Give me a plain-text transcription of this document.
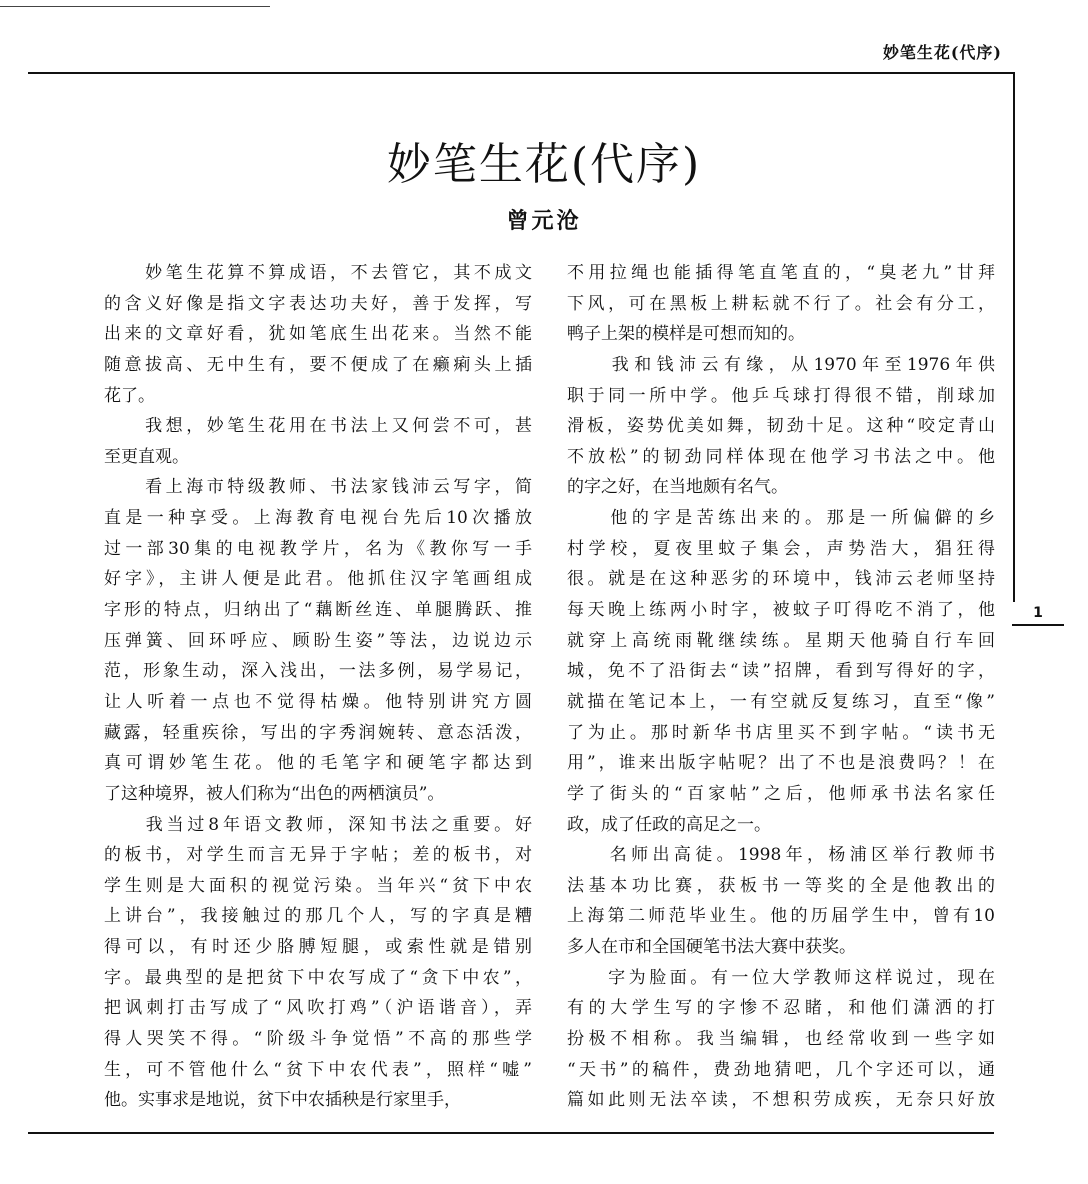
妙笔生花(代序)
1
妙笔生花(代序)
曾元沧

　　妙笔生花算不算成语，不去管它，其不成文

的含义好像是指文字表达功夫好，善于发挥，写

出来的文章好看，犹如笔底生出花来。当然不能

随意拔高、无中生有，要不便成了在癞痢头上插

花了。

　　我想，妙笔生花用在书法上又何尝不可，甚

至更直观。

　　看上海市特级教师、书法家钱沛云写字，简

直是一种享受。上海教育电视台先后10次播放

过一部30集的电视教学片，名为《教你写一手

好字》，主讲人便是此君。他抓住汉字笔画组成

字形的特点，归纳出了“藕断丝连、单腿腾跃、推

压弹簧、回环呼应、顾盼生姿”等法，边说边示

范，形象生动，深入浅出，一法多例，易学易记，

让人听着一点也不觉得枯燥。他特别讲究方圆

藏露，轻重疾徐，写出的字秀润婉转、意态活泼，

真可谓妙笔生花。他的毛笔字和硬笔字都达到

了这种境界，被人们称为“出色的两栖演员”。

　　我当过8年语文教师，深知书法之重要。好

的板书，对学生而言无异于字帖；差的板书，对

学生则是大面积的视觉污染。当年兴“贫下中农

上讲台”，我接触过的那几个人，写的字真是糟

得可以，有时还少胳膊短腿，或索性就是错别

字。最典型的是把贫下中农写成了“贪下中农”，

把讽刺打击写成了“风吹打鸡”（沪语谐音），弄

得人哭笑不得。“阶级斗争觉悟”不高的那些学

生，可不管他什么“贫下中农代表”，照样“嘘”

他。实事求是地说，贫下中农插秧是行家里手，

不用拉绳也能插得笔直笔直的，“臭老九”甘拜

下风，可在黑板上耕耘就不行了。社会有分工，

鸭子上架的模样是可想而知的。

　　我和钱沛云有缘，从1970年至1976年供

职于同一所中学。他乒乓球打得很不错，削球加

滑板，姿势优美如舞，韧劲十足。这种“咬定青山

不放松”的韧劲同样体现在他学习书法之中。他

的字之好，在当地颇有名气。

　　他的字是苦练出来的。那是一所偏僻的乡

村学校，夏夜里蚊子集会，声势浩大，猖狂得

很。就是在这种恶劣的环境中，钱沛云老师坚持

每天晚上练两小时字，被蚊子叮得吃不消了，他

就穿上高统雨靴继续练。星期天他骑自行车回

城，免不了沿街去“读”招牌，看到写得好的字，

就描在笔记本上，一有空就反复练习，直至“像”

了为止。那时新华书店里买不到字帖。“读书无

用”，谁来出版字帖呢？出了不也是浪费吗？！在

学了街头的“百家帖”之后，他师承书法名家任

政，成了任政的高足之一。

　　名师出高徒。1998年，杨浦区举行教师书

法基本功比赛，获板书一等奖的全是他教出的

上海第二师范毕业生。他的历届学生中，曾有10

多人在市和全国硬笔书法大赛中获奖。

　　字为脸面。有一位大学教师这样说过，现在

有的大学生写的字惨不忍睹，和他们潇洒的打

扮极不相称。我当编辑，也经常收到一些字如

“天书”的稿件，费劲地猜吧，几个字还可以，通

篇如此则无法卒读，不想积劳成疾，无奈只好放
